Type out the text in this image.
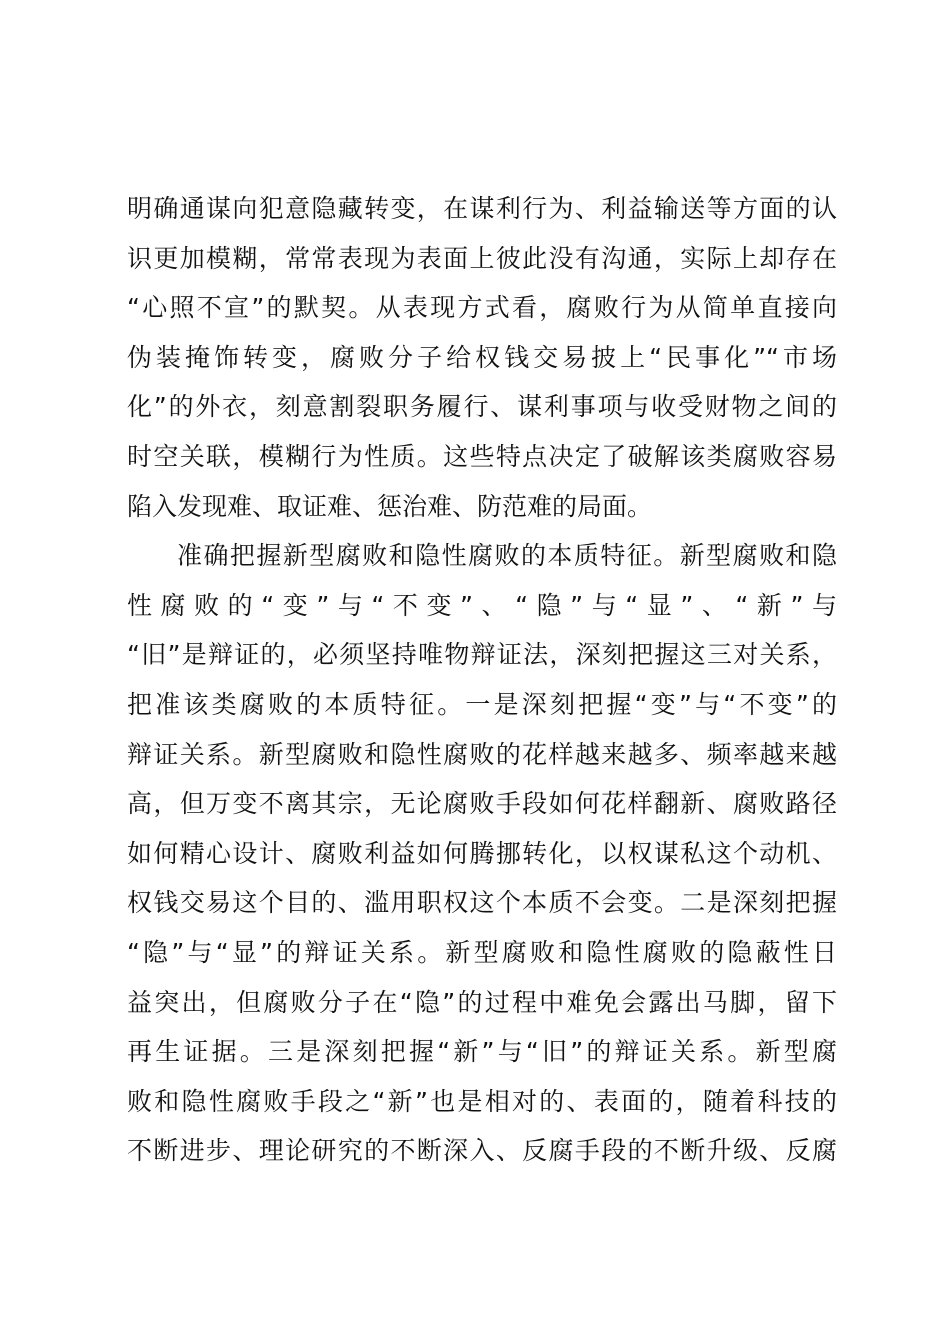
明确通谋向犯意隐藏转变，在谋利行为、利益输送等方面的认
识更加模糊，常常表现为表面上彼此没有沟通，实际上却存在
“心照不宣”的默契。从表现方式看，腐败行为从简单直接向
伪装掩饰转变，腐败分子给权钱交易披上“民事化”“市场
化”的外衣，刻意割裂职务履行、谋利事项与收受财物之间的
时空关联，模糊行为性质。这些特点决定了破解该类腐败容易
陷入发现难、取证难、惩治难、防范难的局面。
准确把握新型腐败和隐性腐败的本质特征。新型腐败和隐
性腐败的“变”与“不变”、“隐”与“显”、“新”与
“旧”是辩证的，必须坚持唯物辩证法，深刻把握这三对关系，
把准该类腐败的本质特征。一是深刻把握“变”与“不变”的
辩证关系。新型腐败和隐性腐败的花样越来越多、频率越来越
高，但万变不离其宗，无论腐败手段如何花样翻新、腐败路径
如何精心设计、腐败利益如何腾挪转化，以权谋私这个动机、
权钱交易这个目的、滥用职权这个本质不会变。二是深刻把握
“隐”与“显”的辩证关系。新型腐败和隐性腐败的隐蔽性日
益突出，但腐败分子在“隐”的过程中难免会露出马脚，留下
再生证据。三是深刻把握“新”与“旧”的辩证关系。新型腐
败和隐性腐败手段之“新”也是相对的、表面的，随着科技的
不断进步、理论研究的不断深入、反腐手段的不断升级、反腐
